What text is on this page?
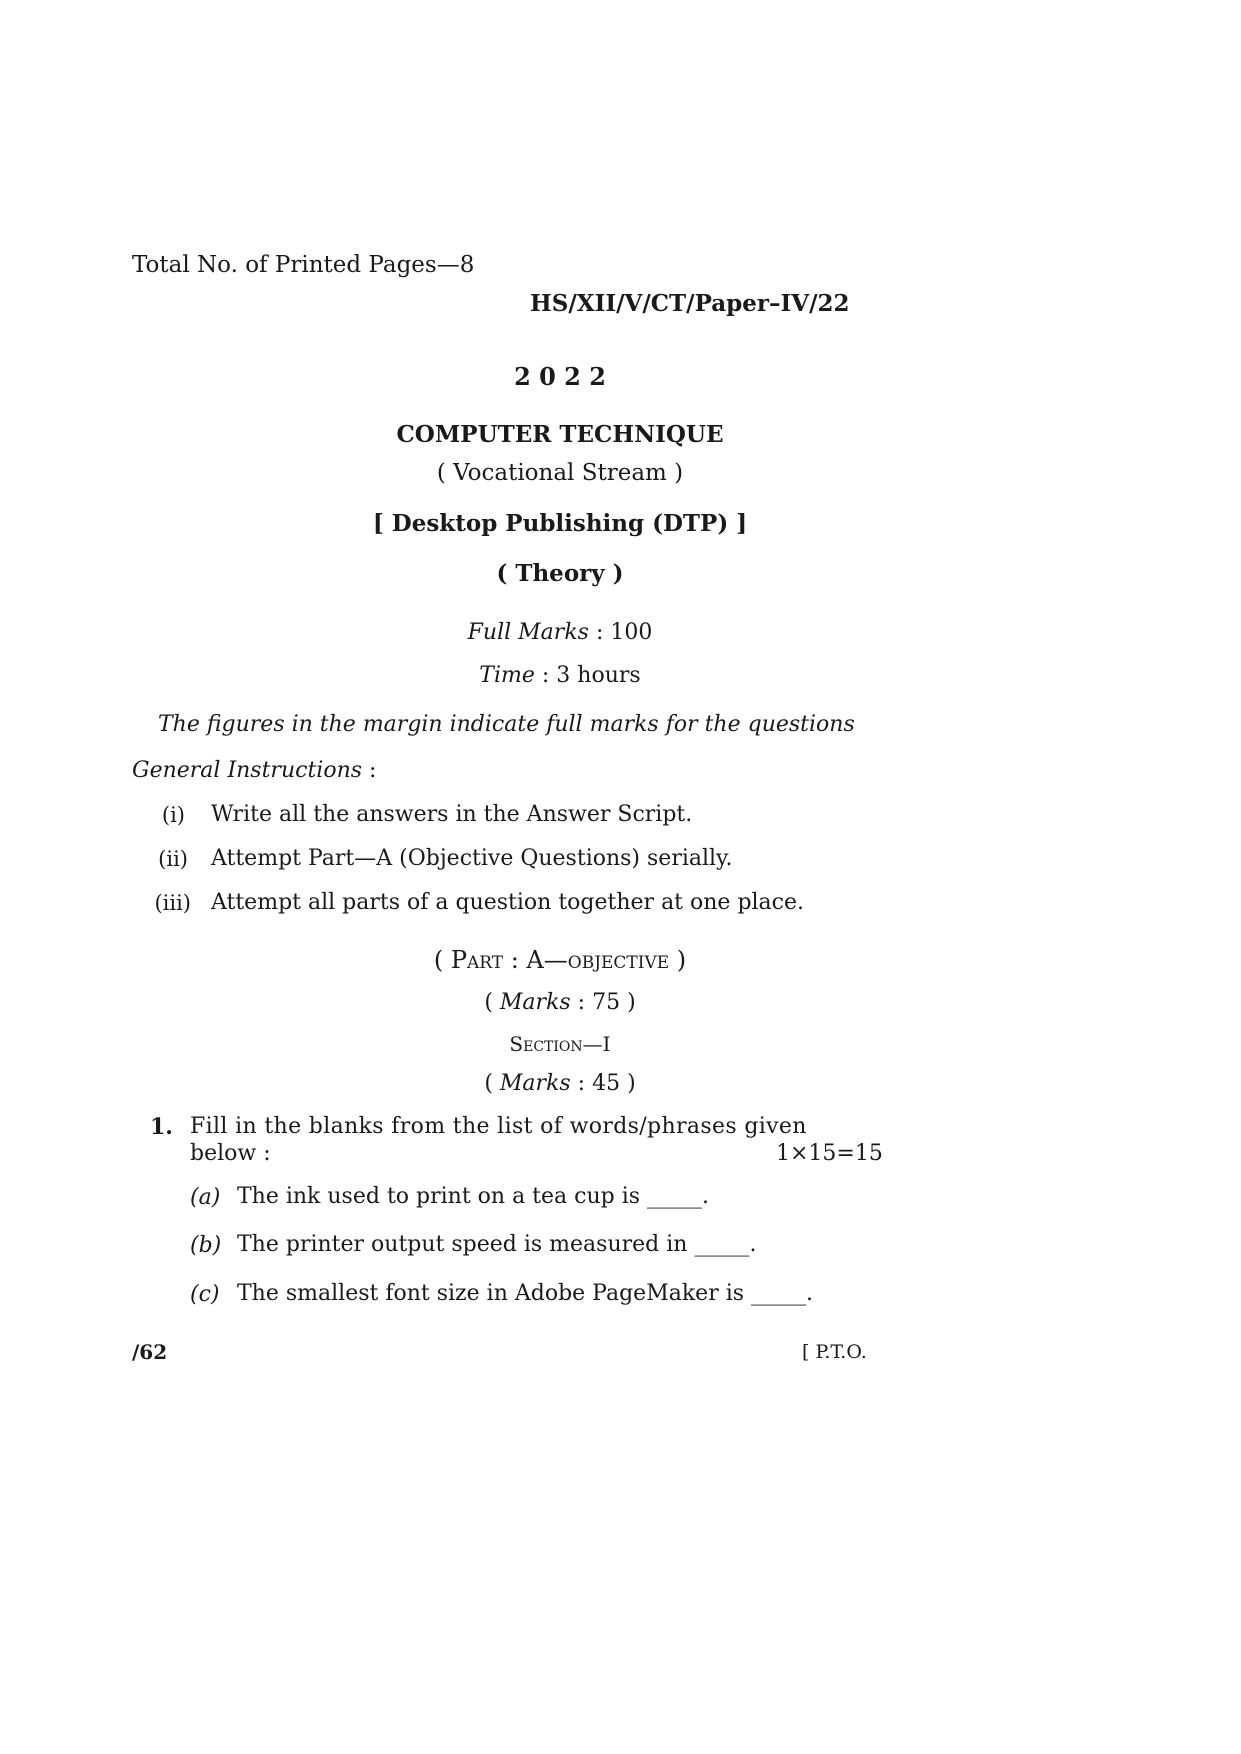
Total No. of Printed Pages—8
HS/XII/V/CT/Paper–IV/22
2 0 2 2
COMPUTER TECHNIQUE
( Vocational Stream )
[ Desktop Publishing (DTP) ]
( Theory )
Full Marks : 100
Time : 3 hours
The figures in the margin indicate full marks for the questions
General Instructions :
(i) Write all the answers in the Answer Script.
(ii) Attempt Part—A (Objective Questions) serially.
(iii) Attempt all parts of a question together at one place.
( Part : A—objective )
( Marks : 75 )
Section—I
( Marks : 45 )
1. Fill in the blanks from the list of words/phrases given
below :	1×15=15
(a) The ink used to print on a tea cup is _____.
(b) The printer output speed is measured in _____.
(c) The smallest font size in Adobe PageMaker is _____.
/62	[ P.T.O.
